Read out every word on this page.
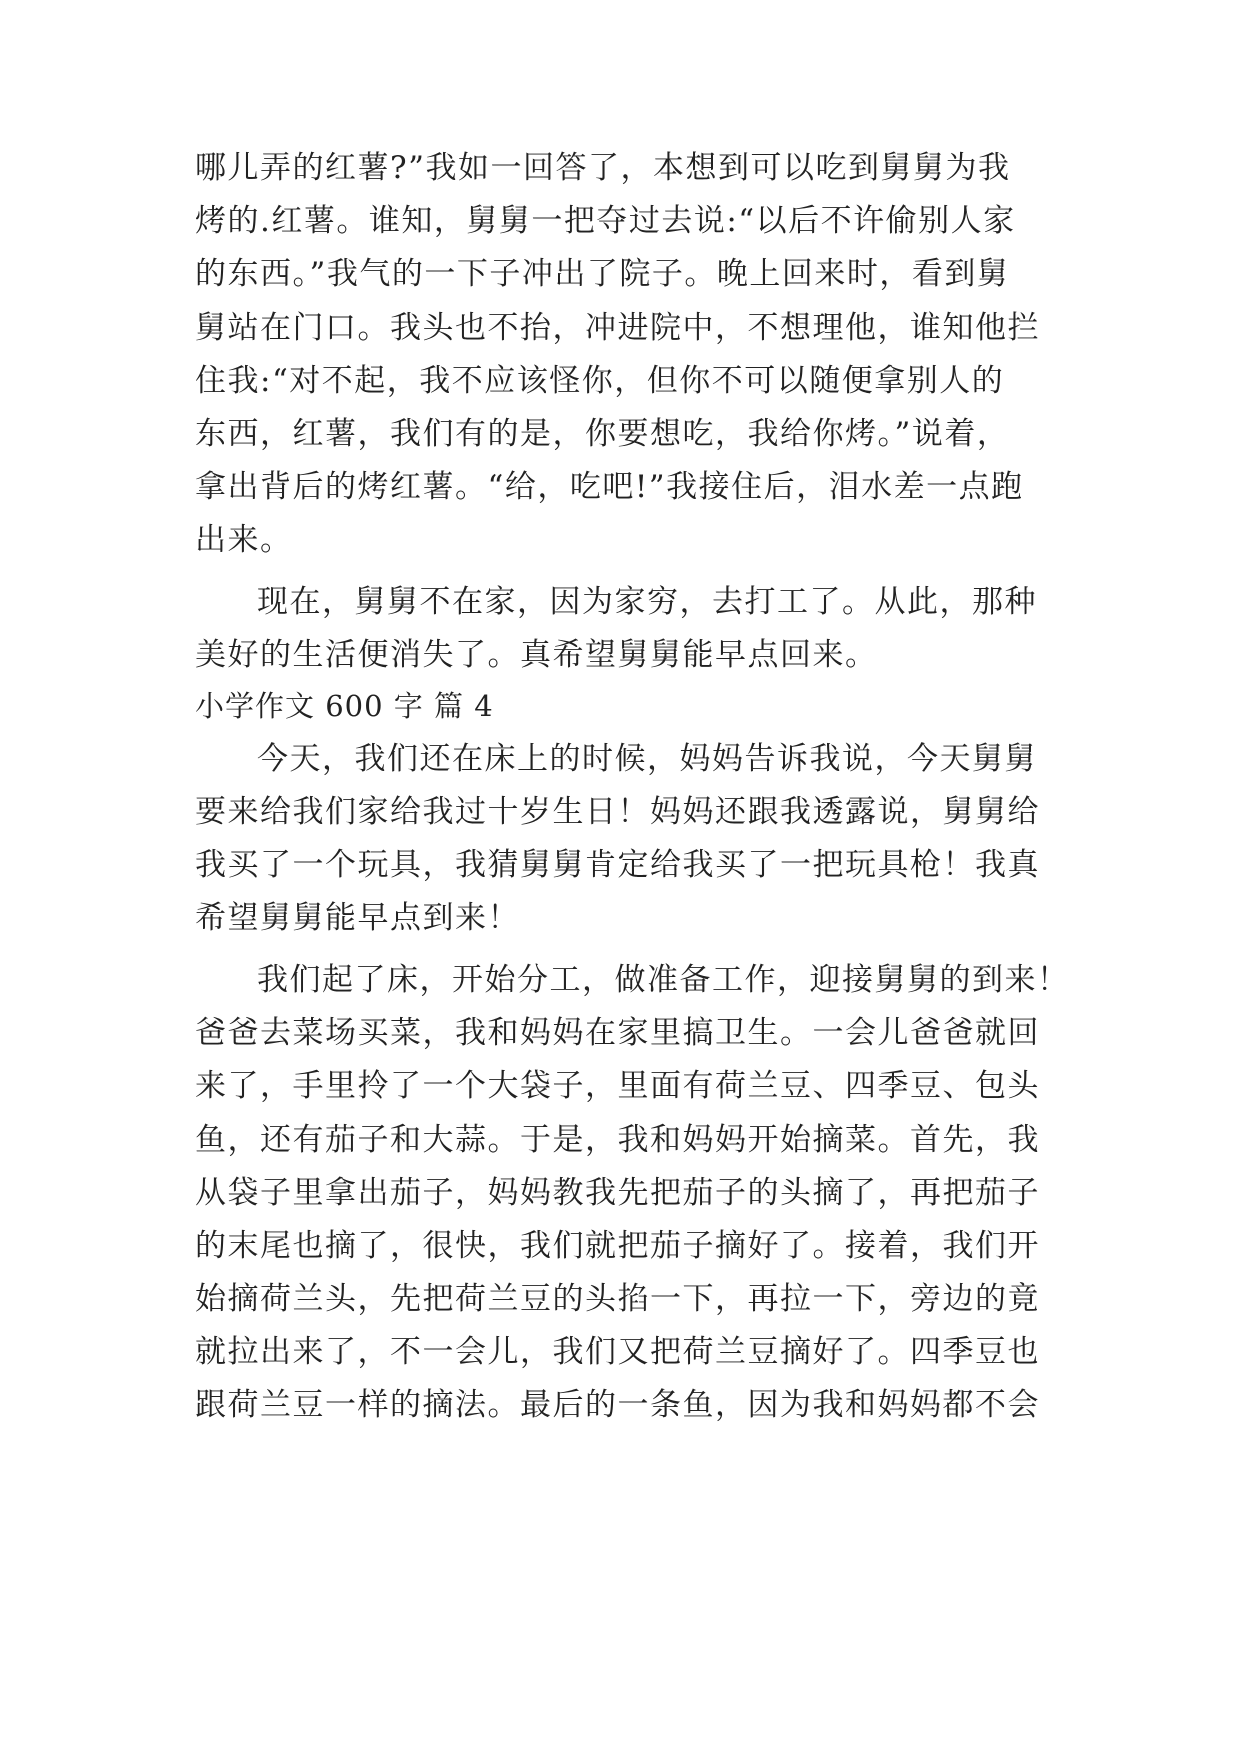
哪儿弄的红薯?”我如一回答了，本想到可以吃到舅舅为我
烤的.红薯。谁知，舅舅一把夺过去说:“以后不许偷别人家
的东西。”我气的一下子冲出了院子。晚上回来时，看到舅
舅站在门口。我头也不抬，冲进院中，不想理他，谁知他拦
住我:“对不起，我不应该怪你，但你不可以随便拿别人的
东西，红薯，我们有的是，你要想吃，我给你烤。”说着，
拿出背后的烤红薯。“给，吃吧!”我接住后，泪水差一点跑
出来。
现在，舅舅不在家，因为家穷，去打工了。从此，那种
美好的生活便消失了。真希望舅舅能早点回来。
小学作文 600 字 篇 4
今天，我们还在床上的时候，妈妈告诉我说，今天舅舅
要来给我们家给我过十岁生日！妈妈还跟我透露说，舅舅给
我买了一个玩具，我猜舅舅肯定给我买了一把玩具枪！我真
希望舅舅能早点到来！
我们起了床，开始分工，做准备工作，迎接舅舅的到来！
爸爸去菜场买菜，我和妈妈在家里搞卫生。一会儿爸爸就回
来了，手里拎了一个大袋子，里面有荷兰豆、四季豆、包头
鱼，还有茄子和大蒜。于是，我和妈妈开始摘菜。首先，我
从袋子里拿出茄子，妈妈教我先把茄子的头摘了，再把茄子
的末尾也摘了，很快，我们就把茄子摘好了。接着，我们开
始摘荷兰头，先把荷兰豆的头掐一下，再拉一下，旁边的竟
就拉出来了，不一会儿，我们又把荷兰豆摘好了。四季豆也
跟荷兰豆一样的摘法。最后的一条鱼，因为我和妈妈都不会
